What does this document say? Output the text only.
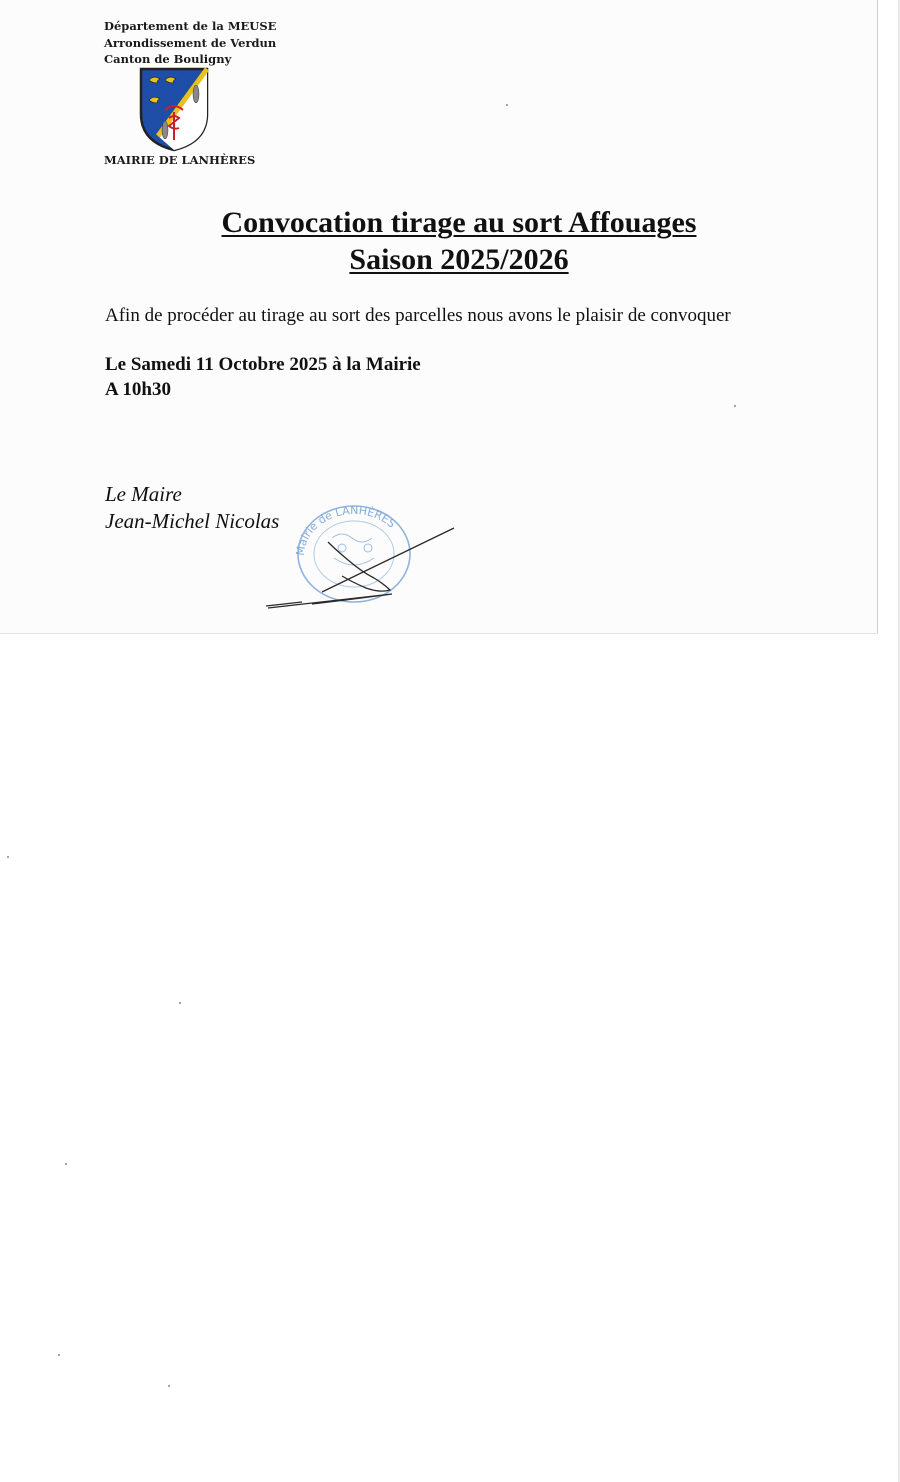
Département de la MEUSE
Arrondissement de Verdun
Canton de Bouligny
MAIRIE DE LANHÈRES
Convocation tirage au sort Affouages
Saison 2025/2026
Afin de procéder au tirage au sort des parcelles nous avons le plaisir de convoquer
Le Samedi 11 Octobre 2025 à la Mairie
A 10h30
Le Maire
Jean-Michel Nicolas
Mairie de LANHÈRES
